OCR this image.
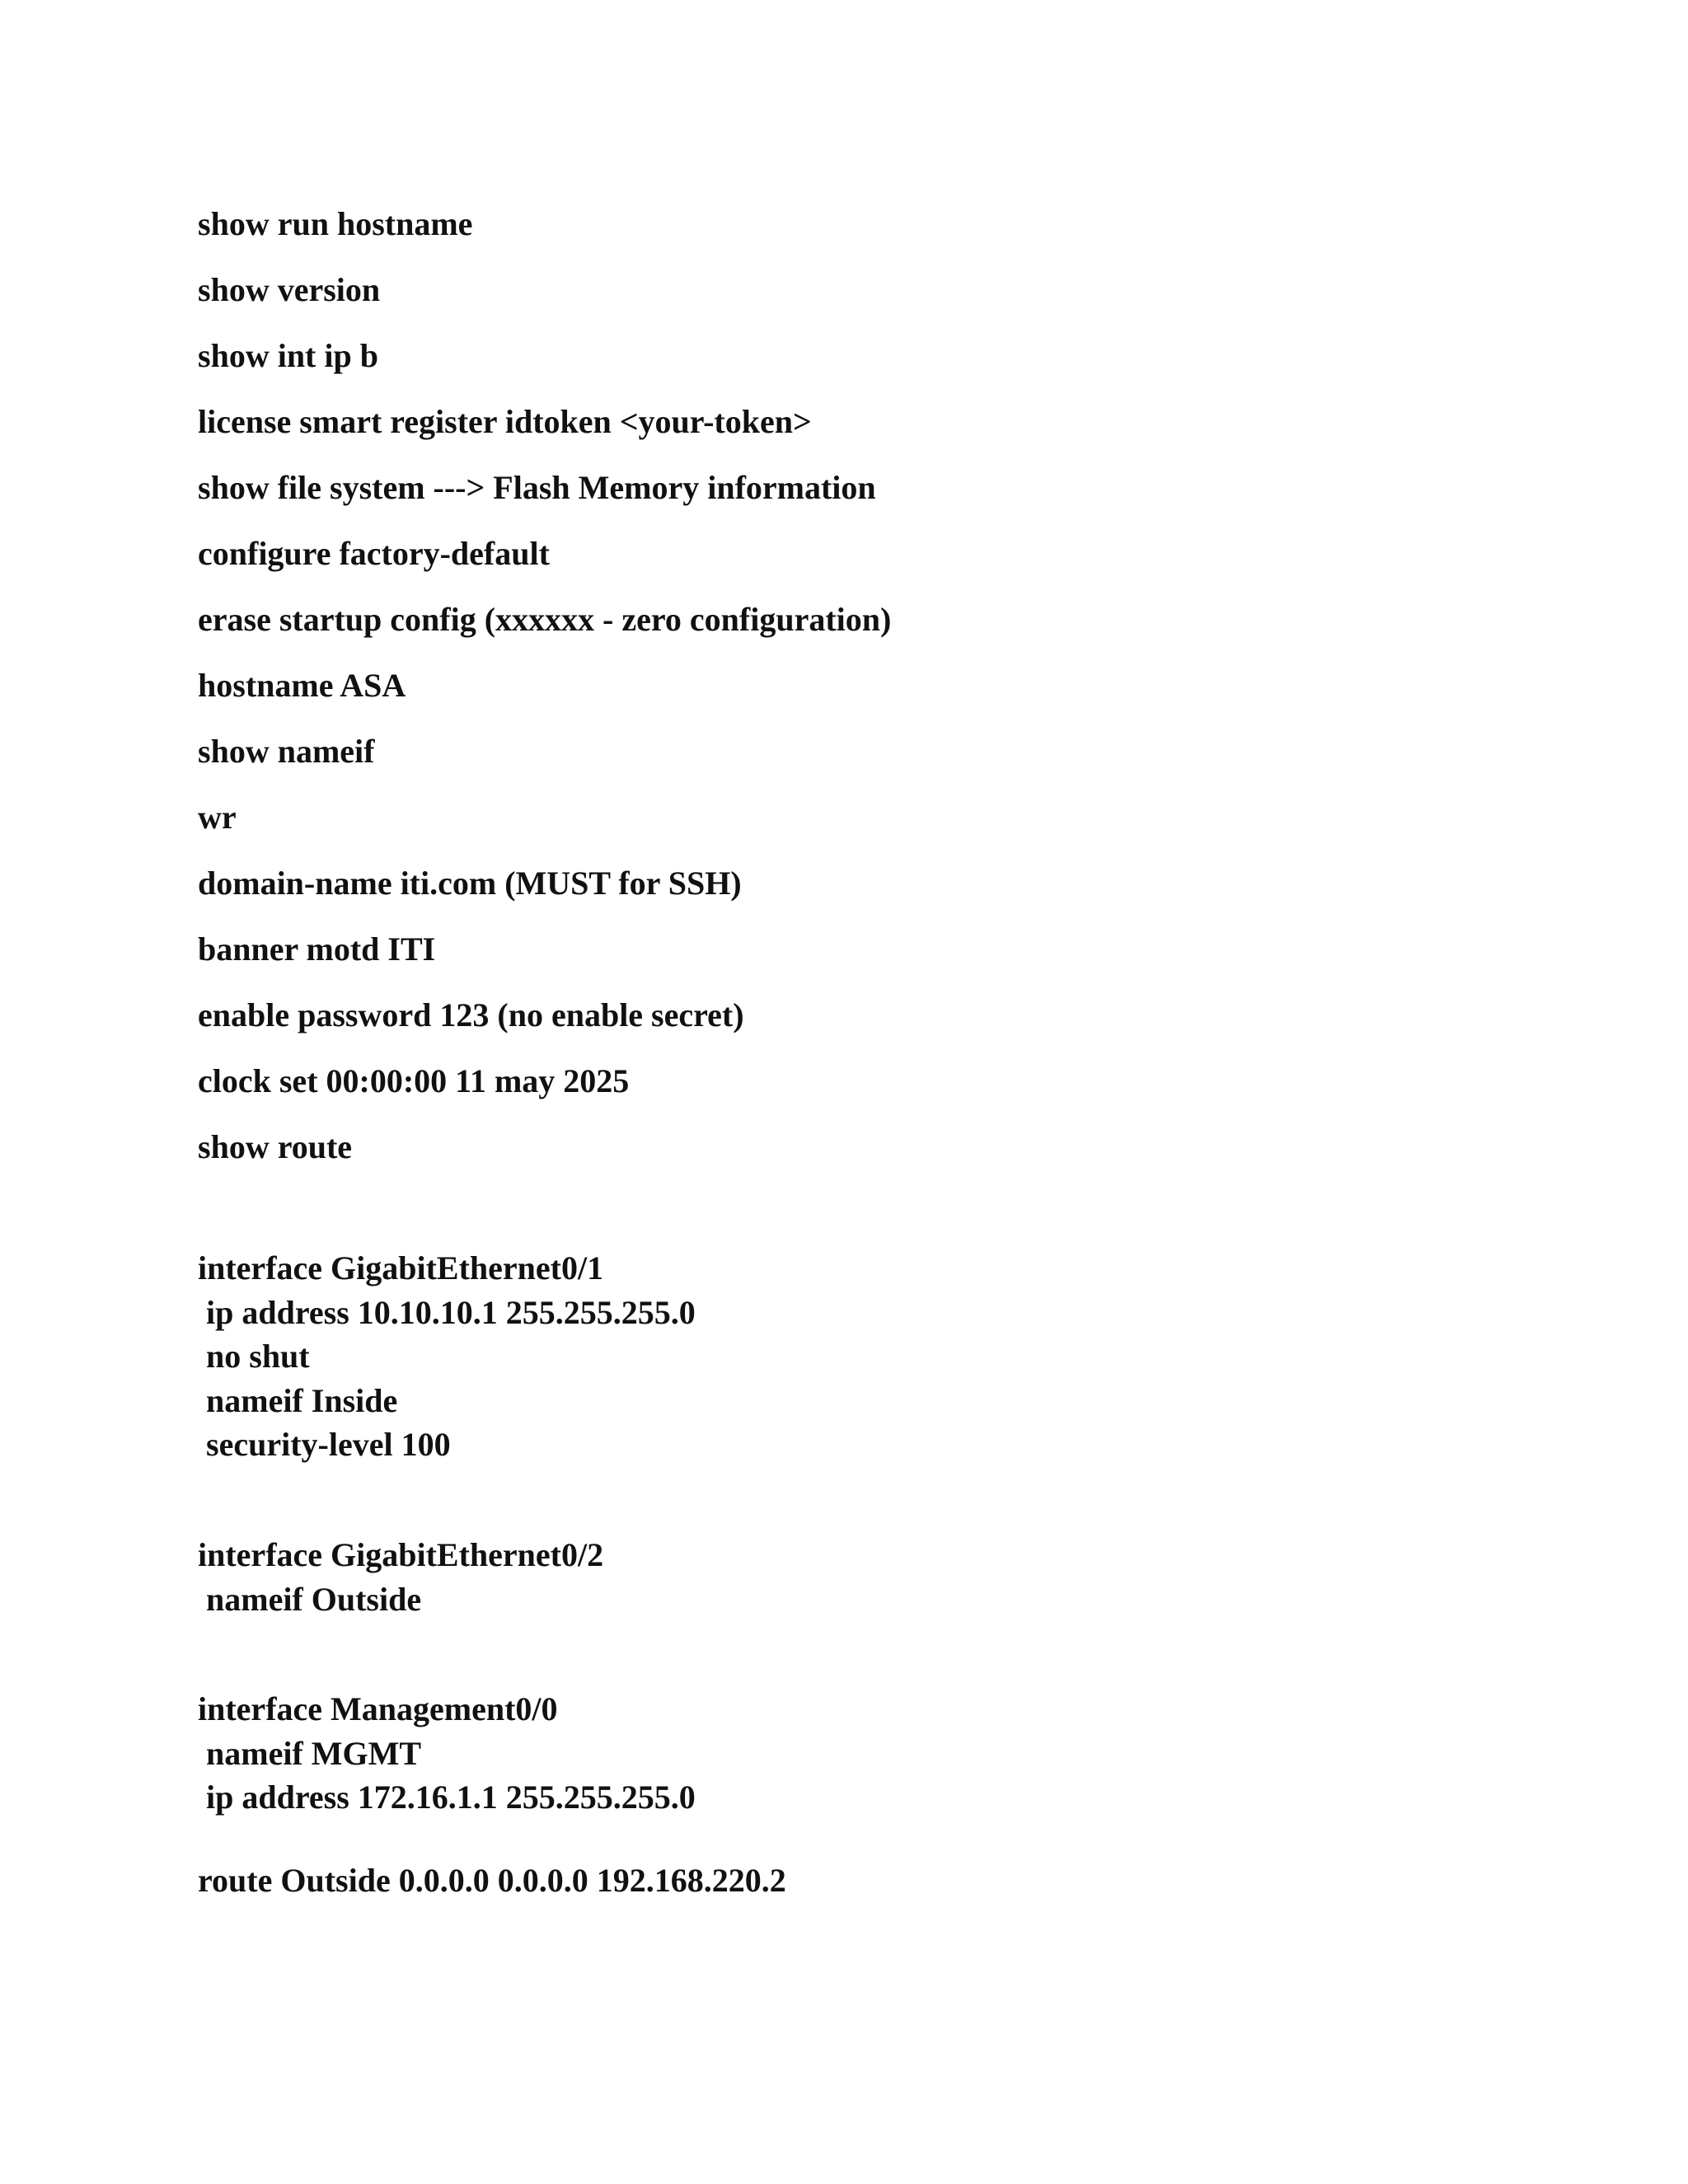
show run hostname
show version
show int ip b
license smart register idtoken <your-token>
show file system ---> Flash Memory information
configure factory-default
erase startup config (xxxxxx - zero configuration)
hostname ASA
show nameif
wr
domain-name iti.com (MUST for SSH)
banner motd ITI
enable password 123 (no enable secret)
clock set 00:00:00 11 may 2025
show route
interface GigabitEthernet0/1
ip address 10.10.10.1 255.255.255.0
no shut
nameif Inside
security-level 100
interface GigabitEthernet0/2
nameif Outside
interface Management0/0
nameif MGMT
ip address 172.16.1.1 255.255.255.0
route Outside 0.0.0.0 0.0.0.0 192.168.220.2
